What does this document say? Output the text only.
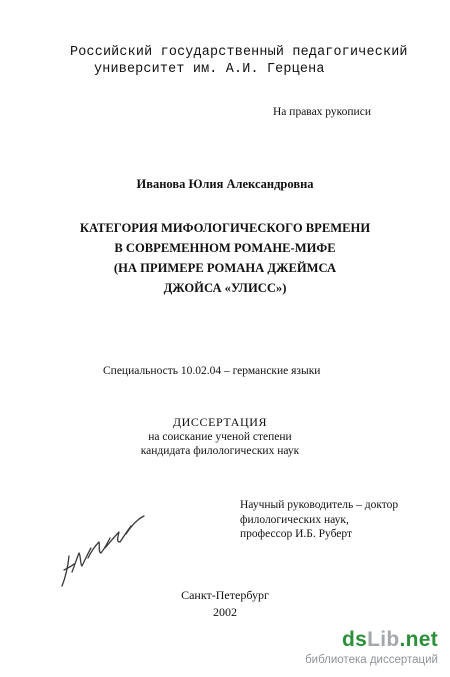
Российский государственный педагогический
университет им. А.И. Герцена
На правах рукописи
Иванова Юлия Александровна
КАТЕГОРИЯ МИФОЛОГИЧЕСКОГО ВРЕМЕНИ
В СОВРЕМЕННОМ РОМАНЕ-МИФЕ
(НА ПРИМЕРЕ РОМАНА ДЖЕЙМСА
ДЖОЙСА «УЛИСС»)
Специальность 10.02.04 – германские языки
ДИССЕРТАЦИЯ
на соискание ученой степени
кандидата филологических наук
Научный руководитель – доктор
филологических наук,
профессор И.Б. Руберт
Санкт-Петербург
2002
dsLib.net
библиотека диссертаций
